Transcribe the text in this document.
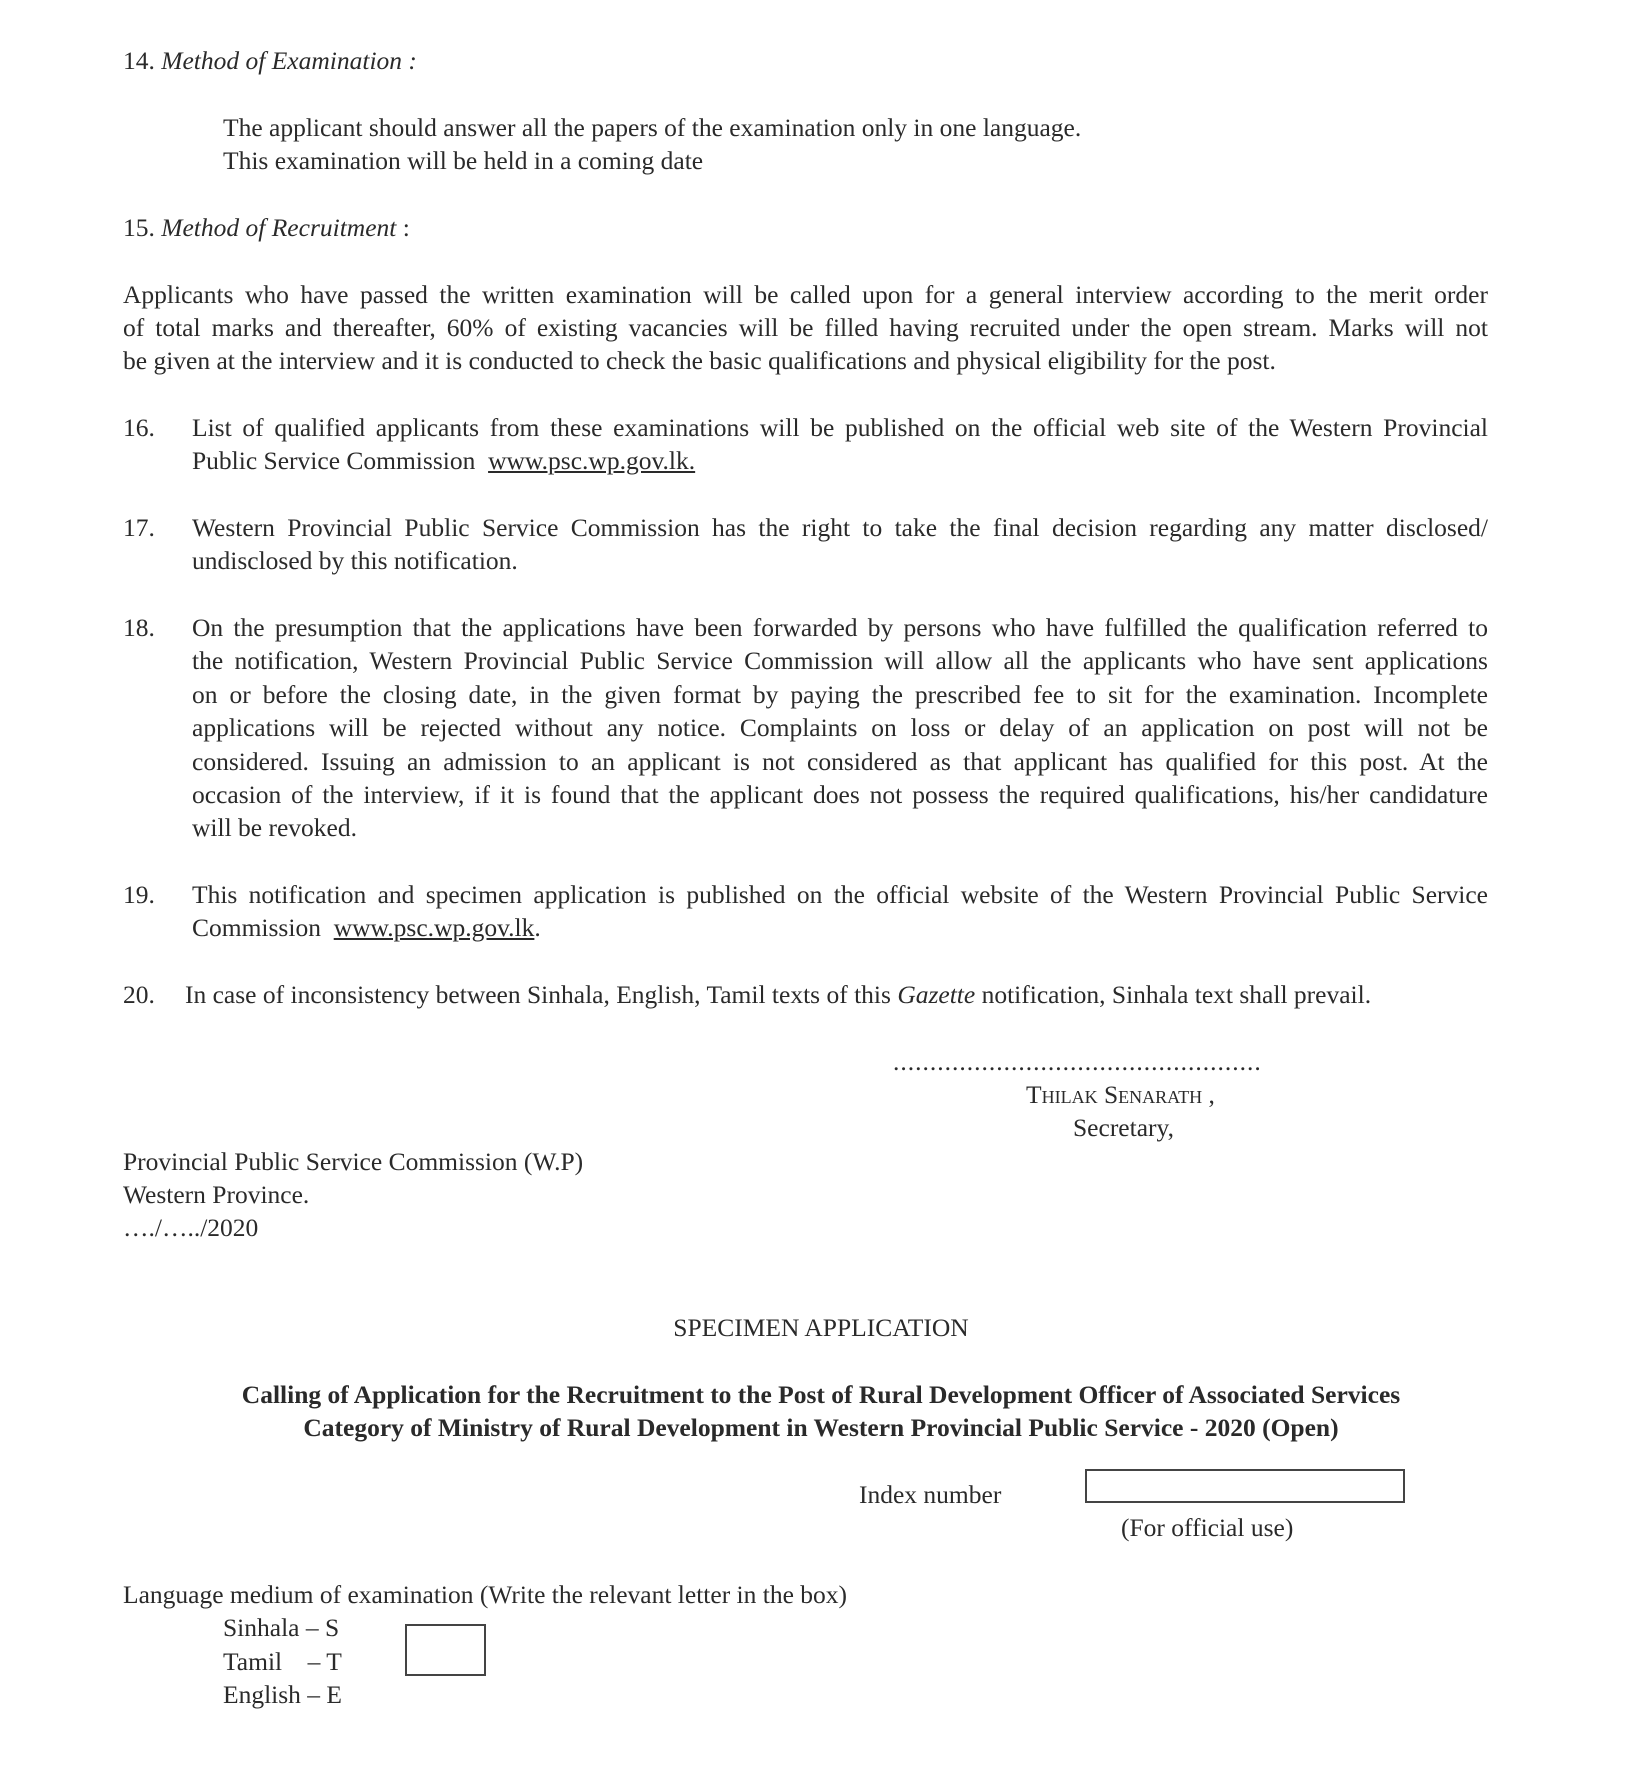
14. Method of Examination :
The applicant should answer all the papers of the examination only in one language.
This examination will be held in a coming date
15. Method of Recruitment :
Applicants who have passed the written examination will be called upon for a general interview according to the merit order
of total marks and thereafter, 60% of existing vacancies will be filled having recruited under the open stream. Marks will not
be given at the interview and it is conducted to check the basic qualifications and physical eligibility for the post.
16. List of qualified applicants from these examinations will be published on the official web site of the Western Provincial
Public Service Commission www.psc.wp.gov.lk.
17. Western Provincial Public Service Commission has the right to take the final decision regarding any matter disclosed/
undisclosed by this notification.
18. On the presumption that the applications have been forwarded by persons who have fulfilled the qualification referred to
the notification, Western Provincial Public Service Commission will allow all the applicants who have sent applications
on or before the closing date, in the given format by paying the prescribed fee to sit for the examination. Incomplete
applications will be rejected without any notice. Complaints on loss or delay of an application on post will not be
considered. Issuing an admission to an applicant is not considered as that applicant has qualified for this post. At the
occasion of the interview, if it is found that the applicant does not possess the required qualifications, his/her candidature
will be revoked.
19. This notification and specimen application is published on the official website of the Western Provincial Public Service
Commission www.psc.wp.gov.lk.
20. In case of inconsistency between Sinhala, English, Tamil texts of this Gazette notification, Sinhala text shall prevail.
..................................................
Thilak Senarath ,
Secretary,
Provincial Public Service Commission (W.P)
Western Province.
…./…../2020
SPECIMEN APPLICATION
Calling of Application for the Recruitment to the Post of Rural Development Officer of Associated Services
Category of Ministry of Rural Development in Western Provincial Public Service - 2020 (Open)
Index number
(For official use)
Language medium of examination (Write the relevant letter in the box)
Sinhala – S
Tamil    – T
English – E
